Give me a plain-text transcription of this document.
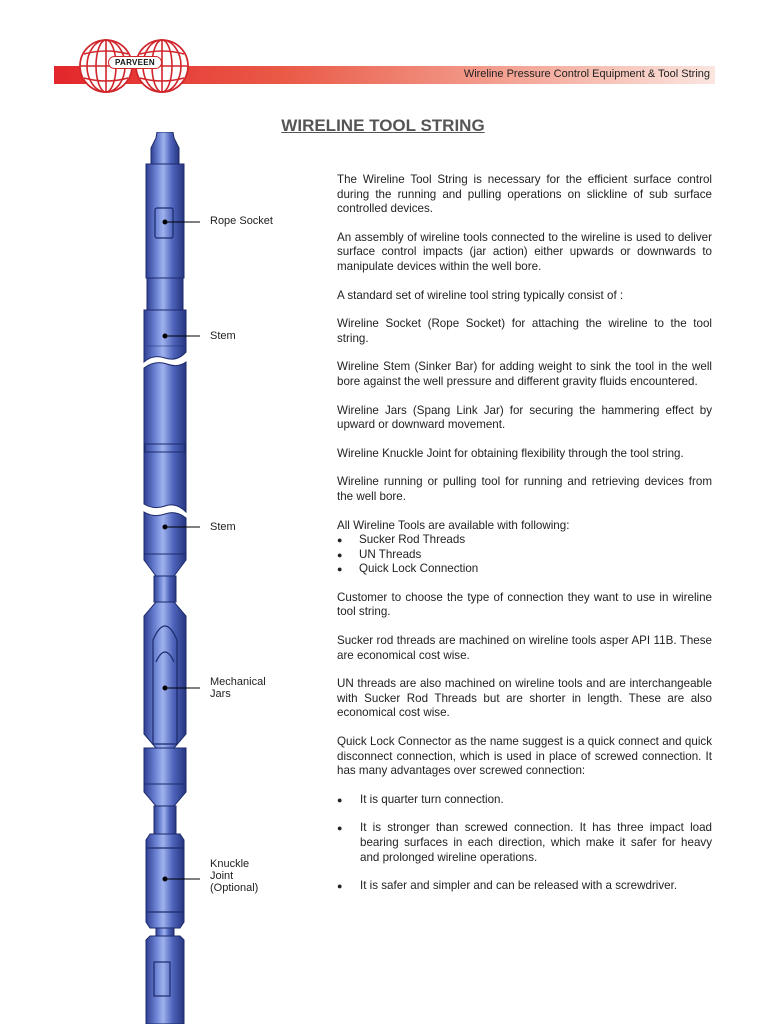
PARVEEN
Wireline Pressure Control Equipment & Tool String
WIRELINE TOOL STRING
Rope Socket
Stem
Stem
Mechanical
Jars
Knuckle
Joint
(Optional)

The Wireline Tool String is necessary for the efficient surface control during the running and pulling operations on slickline of sub surface controlled devices.

An assembly of wireline tools connected to the wireline is used to deliver surface control impacts (jar action) either upwards or downwards to manipulate devices within the well bore.

A standard set of wireline tool string typically consist of :

Wireline Socket (Rope Socket) for attaching the wireline to the tool string.

Wireline Stem (Sinker Bar) for adding weight to sink the tool in the well bore against the well pressure and different gravity fluids encountered.

Wireline Jars (Spang Link Jar) for securing the hammering effect by upward or downward movement.

Wireline Knuckle Joint for obtaining flexibility through the tool string.

Wireline running or pulling tool for running and retrieving devices from the well bore.

All Wireline Tools are available with following:

● Sucker Rod Threads
● UN Threads
● Quick Lock Connection

Customer to choose the type of connection they want to use in wireline tool string.

Sucker rod threads are machined on wireline tools asper API 11B. These are economical cost wise.

UN threads are also machined on wireline tools and are interchangeable with Sucker Rod Threads but are shorter in length. These are also economical cost wise.

Quick Lock Connector as the name suggest is a quick connect and quick disconnect connection, which is used in place of screwed connection. It has many advantages over screwed connection:

● It is quarter turn connection.
● It is stronger than screwed connection. It has three impact load bearing surfaces in each direction, which make it safer for heavy and prolonged wireline operations.
● It is safer and simpler and can be released with a screwdriver.
